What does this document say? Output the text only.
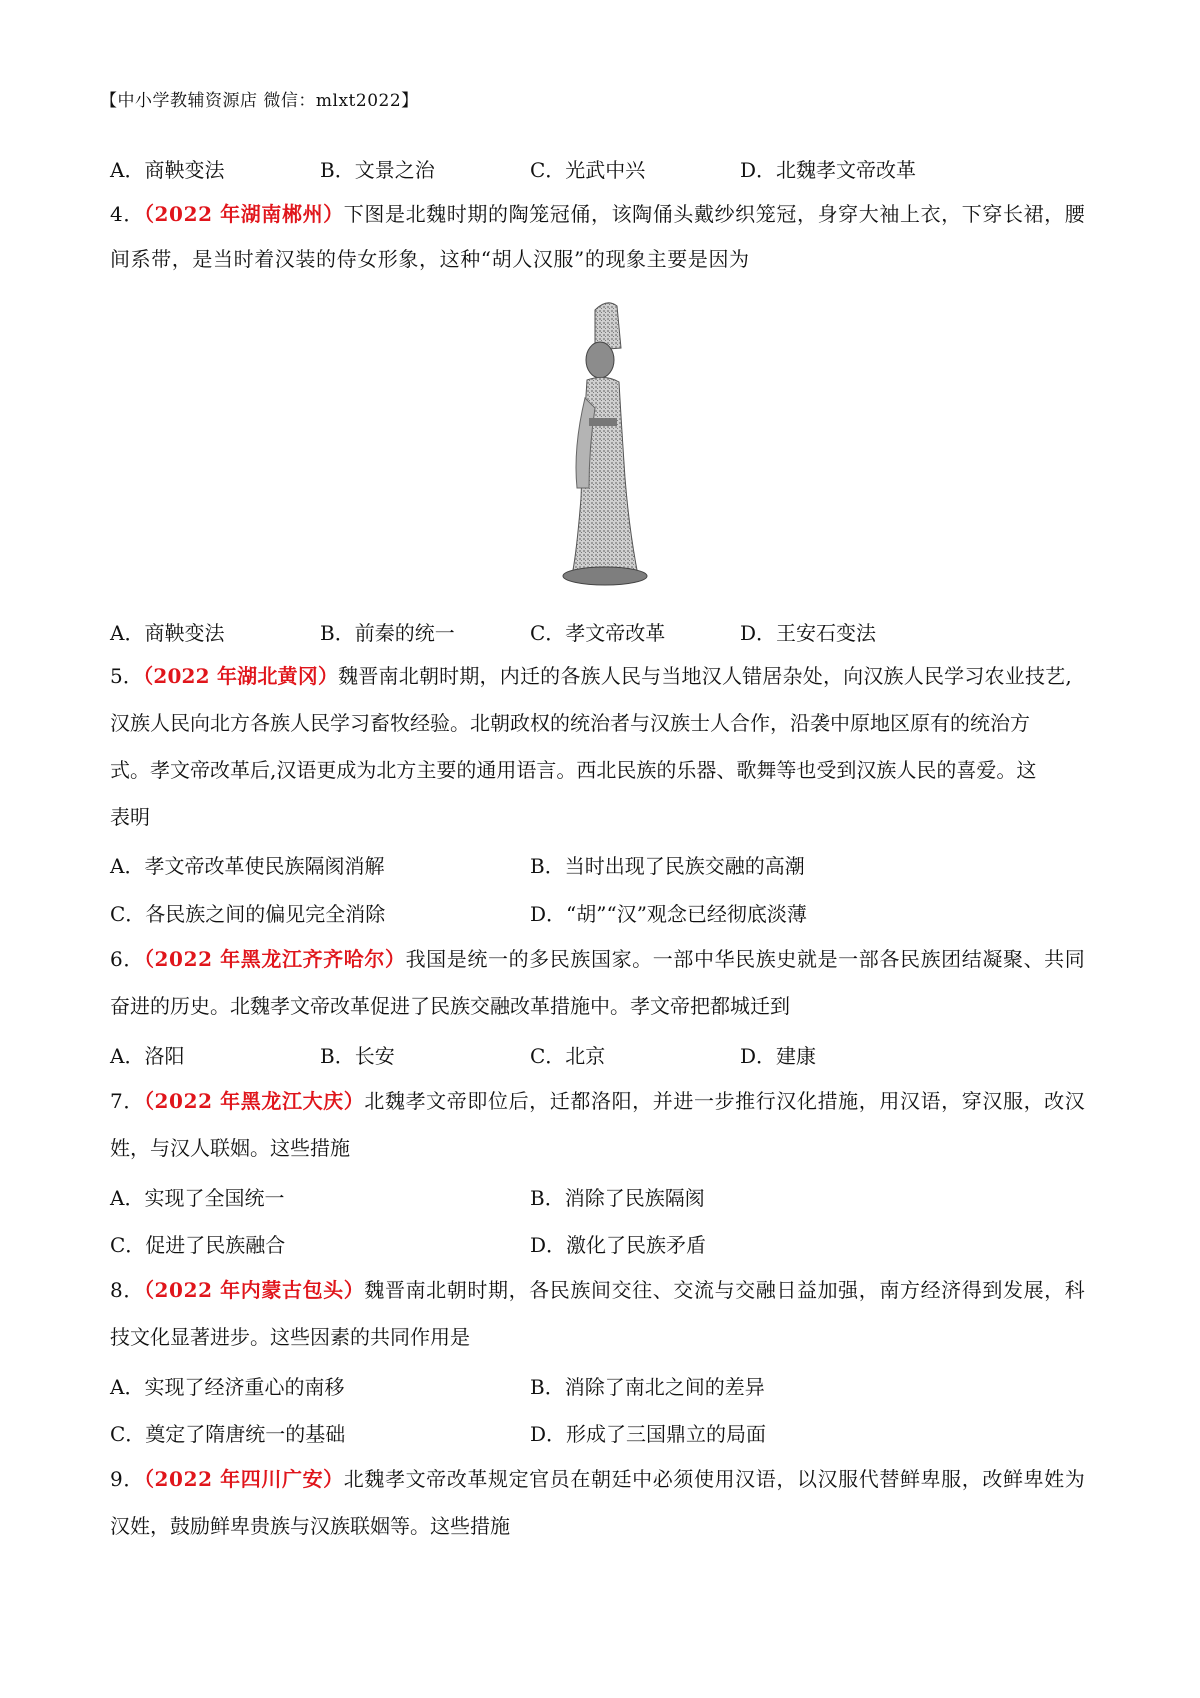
【中小学教辅资源店 微信：mlxt2022】
A．商鞅变法	B．文景之治	C．光武中兴	D．北魏孝文帝改革
4．（2022 年湖南郴州）下图是北魏时期的陶笼冠俑，该陶俑头戴纱织笼冠，身穿大袖上衣，下穿长裙，腰
间系带，是当时着汉装的侍女形象，这种“胡人汉服”的现象主要是因为
A．商鞅变法	B．前秦的统一	C．孝文帝改革	D．王安石变法
5．（2022 年湖北黄冈）魏晋南北朝时期，内迁的各族人民与当地汉人错居杂处，向汉族人民学习农业技艺,
汉族人民向北方各族人民学习畜牧经验。北朝政权的统治者与汉族士人合作，沿袭中原地区原有的统治方
式。孝文帝改革后,汉语更成为北方主要的通用语言。西北民族的乐器、歌舞等也受到汉族人民的喜爱。这
表明
A．孝文帝改革使民族隔阂消解	B．当时出现了民族交融的高潮
C．各民族之间的偏见完全消除	D．“胡”“汉”观念已经彻底淡薄
6．（2022 年黑龙江齐齐哈尔）我国是统一的多民族国家。一部中华民族史就是一部各民族团结凝聚、共同
奋进的历史。北魏孝文帝改革促进了民族交融改革措施中。孝文帝把都城迁到
A．洛阳	B．长安	C．北京	D．建康
7．（2022 年黑龙江大庆）北魏孝文帝即位后，迁都洛阳，并进一步推行汉化措施，用汉语，穿汉服，改汉
姓，与汉人联姻。这些措施
A．实现了全国统一	B．消除了民族隔阂
C．促进了民族融合	D．激化了民族矛盾
8．（2022 年内蒙古包头）魏晋南北朝时期，各民族间交往、交流与交融日益加强，南方经济得到发展，科
技文化显著进步。这些因素的共同作用是
A．实现了经济重心的南移	B．消除了南北之间的差异
C．奠定了隋唐统一的基础	D．形成了三国鼎立的局面
9．（2022 年四川广安）北魏孝文帝改革规定官员在朝廷中必须使用汉语，以汉服代替鲜卑服，改鲜卑姓为
汉姓，鼓励鲜卑贵族与汉族联姻等。这些措施
